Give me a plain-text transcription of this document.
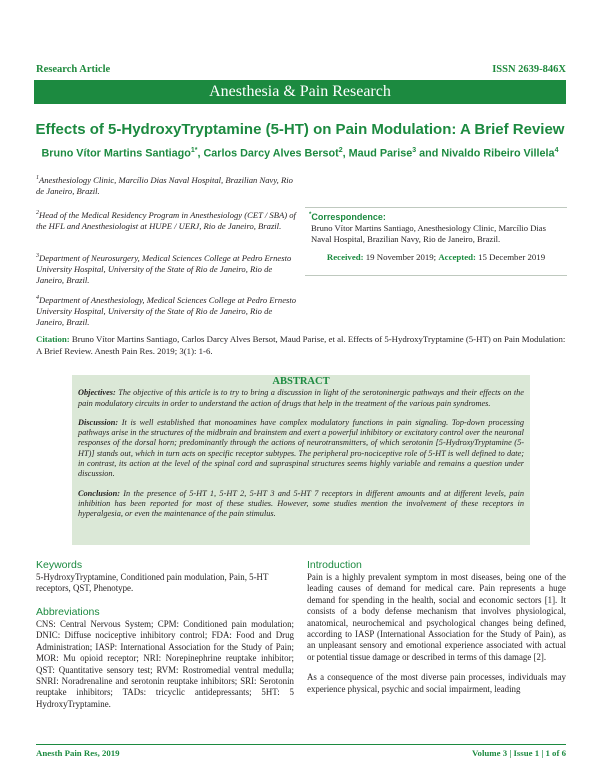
Research Article	ISSN 2639-846X
Anesthesia & Pain Research
Effects of 5-HydroxyTryptamine (5-HT) on Pain Modulation: A Brief Review
Bruno Vítor Martins Santiago$^{1*}$, Carlos Darcy Alves Bersot$^2$, Maud Parise$^3$ and Nivaldo Ribeiro Villela$^4$
$^1$Anesthesiology Clinic, Marcílio Dias Naval Hospital, Brazilian Navy, Rio de Janeiro, Brazil.
$^2$Head of the Medical Residency Program in Anesthesiology (CET / SBA) of the HFL and Anesthesiologist at HUPE / UERJ, Rio de Janeiro, Brazil.
$^3$Department of Neurosurgery, Medical Sciences College at Pedro Ernesto University Hospital, University of the State of Rio de Janeiro, Rio de Janeiro, Brazil.
$^4$Department of Anesthesiology, Medical Sciences College at Pedro Ernesto University Hospital, University of the State of Rio de Janeiro, Rio de Janeiro, Brazil.
*Correspondence:
Bruno Vítor Martins Santiago, Anesthesiology Clinic, Marcílio Dias Naval Hospital, Brazilian Navy, Rio de Janeiro, Brazil.
Received: 19 November 2019; Accepted: 15 December 2019
Citation: Bruno Vítor Martins Santiago, Carlos Darcy Alves Bersot, Maud Parise, et al. Effects of 5-HydroxyTryptamine (5-HT) on Pain Modulation: A Brief Review. Anesth Pain Res. 2019; 3(1): 1-6.
ABSTRACT

Objectives: The objective of this article is to try to bring a discussion in light of the serotoninergic pathways and their effects on the pain modulatory circuits in order to understand the action of drugs that help in the treatment of the various pain syndromes.

Discussion: It is well established that monoamines have complex modulatory functions in pain signaling. Top-down processing pathways arise in the structures of the midbrain and brainstem and exert a powerful inhibitory or excitatory control over the neuronal responses of the dorsal horn; predominantly through the actions of neurotransmitters, of which serotonin [5-HydroxyTryptamine (5-HT)] stands out, which in turn acts on specific receptor subtypes. The peripheral pro-nociceptive role of 5-HT is well defined to date; in contrast, its action at the level of the spinal cord and supraspinal structures seems highly variable and remains a question under discussion.

Conclusion: In the presence of 5-HT 1, 5-HT 2, 5-HT 3 and 5-HT 7 receptors in different amounts and at different levels, pain inhibition has been reported for most of these studies. However, some studies mention the involvement of these receptors in hyperalgesia, or even the maintenance of the pain stimulus.

Keywords
5-HydroxyTryptamine, Conditioned pain modulation, Pain, 5-HT receptors, QST, Phenotype.
Abbreviations
CNS: Central Nervous System; CPM: Conditioned pain modulation; DNIC: Diffuse nociceptive inhibitory control; FDA: Food and Drug Administration; IASP: International Association for the Study of Pain; MOR: Mu opioid receptor; NRI: Norepinephrine reuptake inhibitor; QST: Quantitative sensory test; RVM: Rostromedial ventral medulla; SNRI: Noradrenaline and serotonin reuptake inhibitors; SRI: Serotonin reuptake inhibitors; TADs: tricyclic antidepressants; 5HT: 5 HydroxyTryptamine.
Introduction

Pain is a highly prevalent symptom in most diseases, being one of the leading causes of demand for medical care. Pain represents a huge demand for spending in the health, social and economic sectors [1]. It consists of a body defense mechanism that involves physiological, anatomical, neurochemical and psychological changes being defined, according to IASP (International Association for the Study of Pain), as an unpleasant sensory and emotional experience associated with actual or potential tissue damage or described in terms of this damage [2].

As a consequence of the most diverse pain processes, individuals may experience physical, psychic and social impairment, leading

Anesth Pain Res, 2019	Volume 3 | Issue 1 | 1 of 6
